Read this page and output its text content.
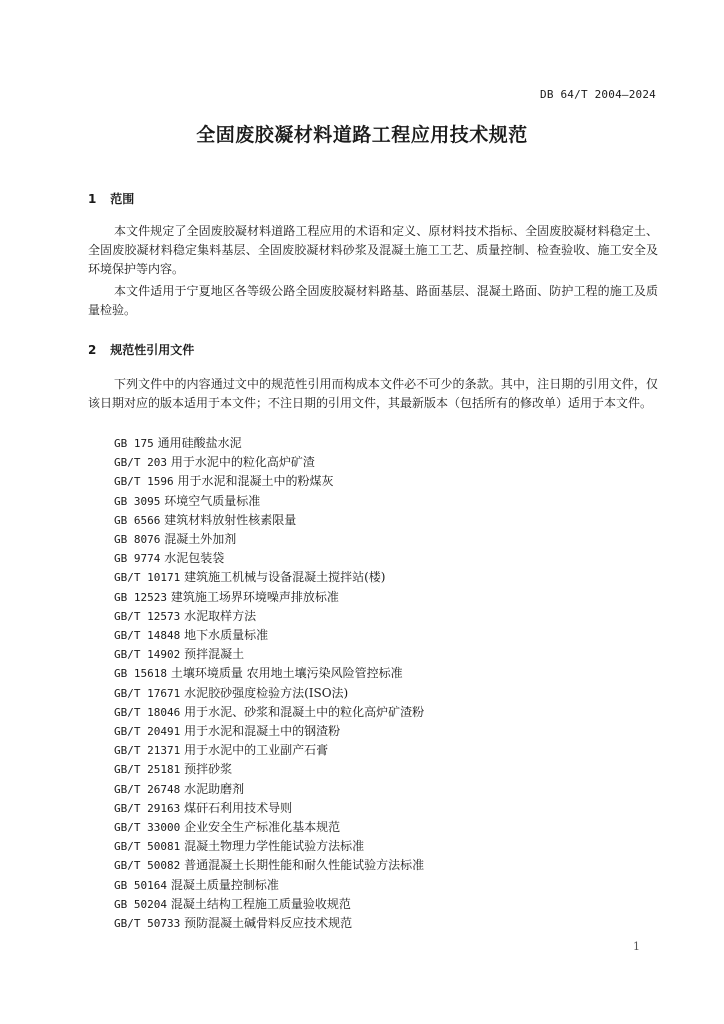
DB 64/T 2004—2024
全固废胶凝材料道路工程应用技术规范
1 范围

本文件规定了全固废胶凝材料道路工程应用的术语和定义、原材料技术指标、全固废胶凝材料稳定土、全固废胶凝材料稳定集料基层、全固废胶凝材料砂浆及混凝土施工工艺、质量控制、检查验收、施工安全及环境保护等内容。

本文件适用于宁夏地区各等级公路全固废胶凝材料路基、路面基层、混凝土路面、防护工程的施工及质量检验。

2 规范性引用文件

下列文件中的内容通过文中的规范性引用而构成本文件必不可少的条款。其中，注日期的引用文件，仅该日期对应的版本适用于本文件；不注日期的引用文件，其最新版本（包括所有的修改单）适用于本文件。

GB 175 通用硅酸盐水泥
GB/T 203 用于水泥中的粒化高炉矿渣
GB/T 1596 用于水泥和混凝土中的粉煤灰
GB 3095 环境空气质量标准
GB 6566 建筑材料放射性核素限量
GB 8076 混凝土外加剂
GB 9774 水泥包装袋
GB/T 10171 建筑施工机械与设备混凝土搅拌站(楼)
GB 12523 建筑施工场界环境噪声排放标准
GB/T 12573 水泥取样方法
GB/T 14848 地下水质量标准
GB/T 14902 预拌混凝土
GB 15618 土壤环境质量 农用地土壤污染风险管控标准
GB/T 17671 水泥胶砂强度检验方法(ISO法)
GB/T 18046 用于水泥、砂浆和混凝土中的粒化高炉矿渣粉
GB/T 20491 用于水泥和混凝土中的钢渣粉
GB/T 21371 用于水泥中的工业副产石膏
GB/T 25181 预拌砂浆
GB/T 26748 水泥助磨剂
GB/T 29163 煤矸石利用技术导则
GB/T 33000 企业安全生产标准化基本规范
GB/T 50081 混凝土物理力学性能试验方法标准
GB/T 50082 普通混凝土长期性能和耐久性能试验方法标准
GB 50164 混凝土质量控制标准
GB 50204 混凝土结构工程施工质量验收规范
GB/T 50733 预防混凝土碱骨料反应技术规范
1
